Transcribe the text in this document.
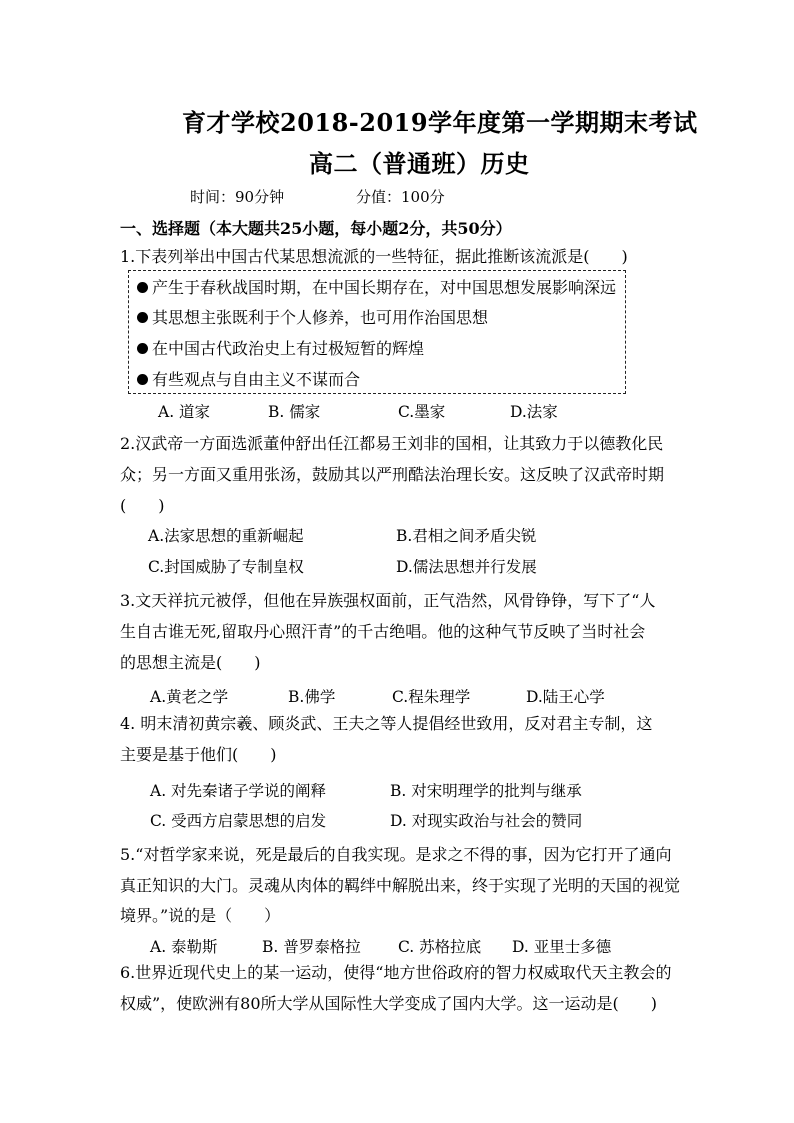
育才学校2018-2019学年度第一学期期末考试
高二（普通班）历史
时间：90分钟	分值：100分
一、选择题（本大题共25小题，每小题2分，共50分）
1.下表列举出中国古代某思想流派的一些特征，据此推断该流派是(　　)
产生于春秋战国时期，在中国长期存在，对中国思想发展影响深远
其思想主张既利于个人修养，也可用作治国思想
在中国古代政治史上有过极短暂的辉煌
有些观点与自由主义不谋而合
A. 道家	B. 儒家	C.墨家	D.法家
2.汉武帝一方面选派董仲舒出任江都易王刘非的国相，让其致力于以德教化民
众；另一方面又重用张汤，鼓励其以严刑酷法治理长安。这反映了汉武帝时期
(　　)
A.法家思想的重新崛起	B.君相之间矛盾尖锐
C.封国威胁了专制皇权	D.儒法思想并行发展
3.文天祥抗元被俘，但他在异族强权面前，正气浩然，风骨铮铮，写下了“人
生自古谁无死,留取丹心照汗青”的千古绝唱。他的这种气节反映了当时社会
的思想主流是(　　)
A.黄老之学	B.佛学	C.程朱理学	D.陆王心学
4. 明末清初黄宗羲、顾炎武、王夫之等人提倡经世致用，反对君主专制，这
主要是基于他们(　　)
A. 对先秦诸子学说的阐释	B. 对宋明理学的批判与继承
C. 受西方启蒙思想的启发	D. 对现实政治与社会的赞同
5.“对哲学家来说，死是最后的自我实现。是求之不得的事，因为它打开了通向
真正知识的大门。灵魂从肉体的羁绊中解脱出来，终于实现了光明的天国的视觉
境界。”说的是（　　）
A. 泰勒斯	B. 普罗泰格拉 C. 苏格拉底 D. 亚里士多德
6.世界近现代史上的某一运动，使得“地方世俗政府的智力权威取代天主教会的
权威”，使欧洲有80所大学从国际性大学变成了国内大学。这一运动是(　　)
